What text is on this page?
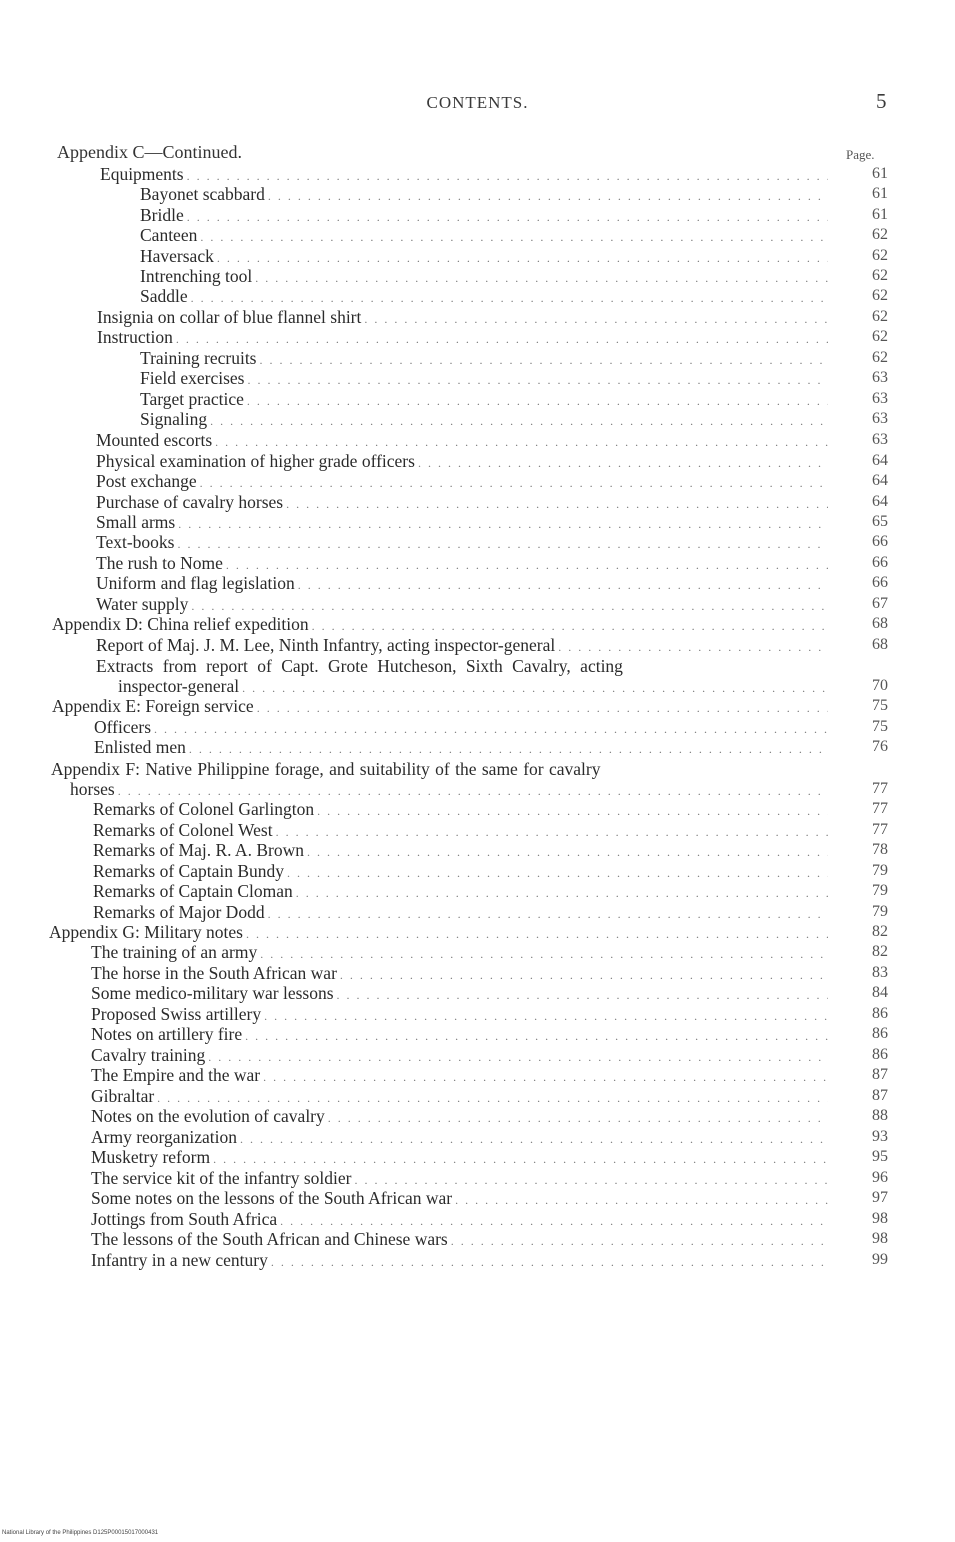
CONTENTS.	5
Appendix C—Continued.	Page.
Equipments . . .	61
Bayonet scabbard . . .	61
Bridle . . .	61
Canteen . . .	62
Haversack . . .	62
Intrenching tool . . .	62
Saddle . . .	62
Insignia on collar of blue flannel shirt . . .	62
Instruction . . .	62
Training recruits . . .	62
Field exercises . . .	63
Target practice . . .	63
Signaling . . .	63
Mounted escorts . . .	63
Physical examination of higher grade officers . . .	64
Post exchange . . .	64
Purchase of cavalry horses . . .	64
Small arms . . .	65
Text-books . . .	66
The rush to Nome . . .	66
Uniform and flag legislation . . .	66
Water supply . . .	67
Appendix D: China relief expedition . . .	68
Report of Maj. J. M. Lee, Ninth Infantry, acting inspector-general . . .	68
Extracts from report of Capt. Grote Hutcheson, Sixth Cavalry, acting
inspector-general . . .	70
Appendix E: Foreign service . . .	75
Officers . . .	75
Enlisted men . . .	76
Appendix F: Native Philippine forage, and suitability of the same for cavalry
horses . . .	77
Remarks of Colonel Garlington . . .	77
Remarks of Colonel West . . .	77
Remarks of Maj. R. A. Brown . . .	78
Remarks of Captain Bundy . . .	79
Remarks of Captain Cloman . . .	79
Remarks of Major Dodd . . .	79
Appendix G: Military notes . . .	82
The training of an army . . .	82
The horse in the South African war . . .	83
Some medico-military war lessons . . .	84
Proposed Swiss artillery . . .	86
Notes on artillery fire . . .	86
Cavalry training . . .	86
The Empire and the war . . .	87
Gibraltar . . .	87
Notes on the evolution of cavalry . . .	88
Army reorganization . . .	93
Musketry reform . . .	95
The service kit of the infantry soldier . . .	96
Some notes on the lessons of the South African war . . .	97
Jottings from South Africa . . .	98
The lessons of the South African and Chinese wars . . .	98
Infantry in a new century . . .	99
National Library of the Philippines D125P00015017000431
